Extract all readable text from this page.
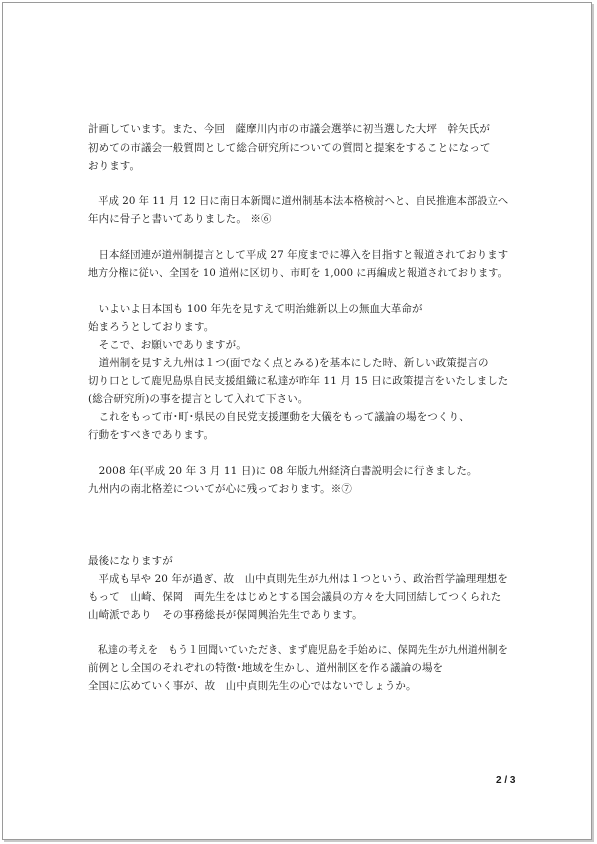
計画しています。また、今回　薩摩川内市の市議会選挙に初当選した大坪　幹矢氏が
初めての市議会一般質問として総合研究所についての質問と提案をすることになって
おります。
　平成 20 年 11 月 12 日に南日本新聞に道州制基本法本格検討へと、自民推進本部設立へ
年内に骨子と書いてありました。 ※⑥
　日本経団連が道州制提言として平成 27 年度までに導入を目指すと報道されております
地方分権に従い、全国を 10 道州に区切り、市町を 1,000 に再編成と報道されております。
　いよいよ日本国も 100 年先を見すえて明治維新以上の無血大革命が
始まろうとしております。
　そこで、お願いでありますが。
　道州制を見すえ九州は１つ(面でなく点とみる)を基本にした時、新しい政策提言の
切り口として鹿児島県自民支援組織に私達が昨年 11 月 15 日に政策提言をいたしました
(総合研究所)の事を提言として入れて下さい。
　これをもって市･町･県民の自民党支援運動を大儀をもって議論の場をつくり、
行動をすべきであります。
　2008 年(平成 20 年 3 月 11 日)に 08 年版九州経済白書説明会に行きました。
九州内の南北格差についてが心に残っております。※⑦
最後になりますが
　平成も早や 20 年が過ぎ、故　山中貞則先生が九州は１つという、政治哲学論理理想を
もって　山崎、保岡　両先生をはじめとする国会議員の方々を大同団結してつくられた
山崎派であり　その事務総長が保岡興治先生であります。
　私達の考えを　もう１回聞いていただき、まず鹿児島を手始めに、保岡先生が九州道州制を
前例とし全国のそれぞれの特徴･地域を生かし、道州制区を作る議論の場を
全国に広めていく事が、故　山中貞則先生の心ではないでしょうか。
2 / 3
